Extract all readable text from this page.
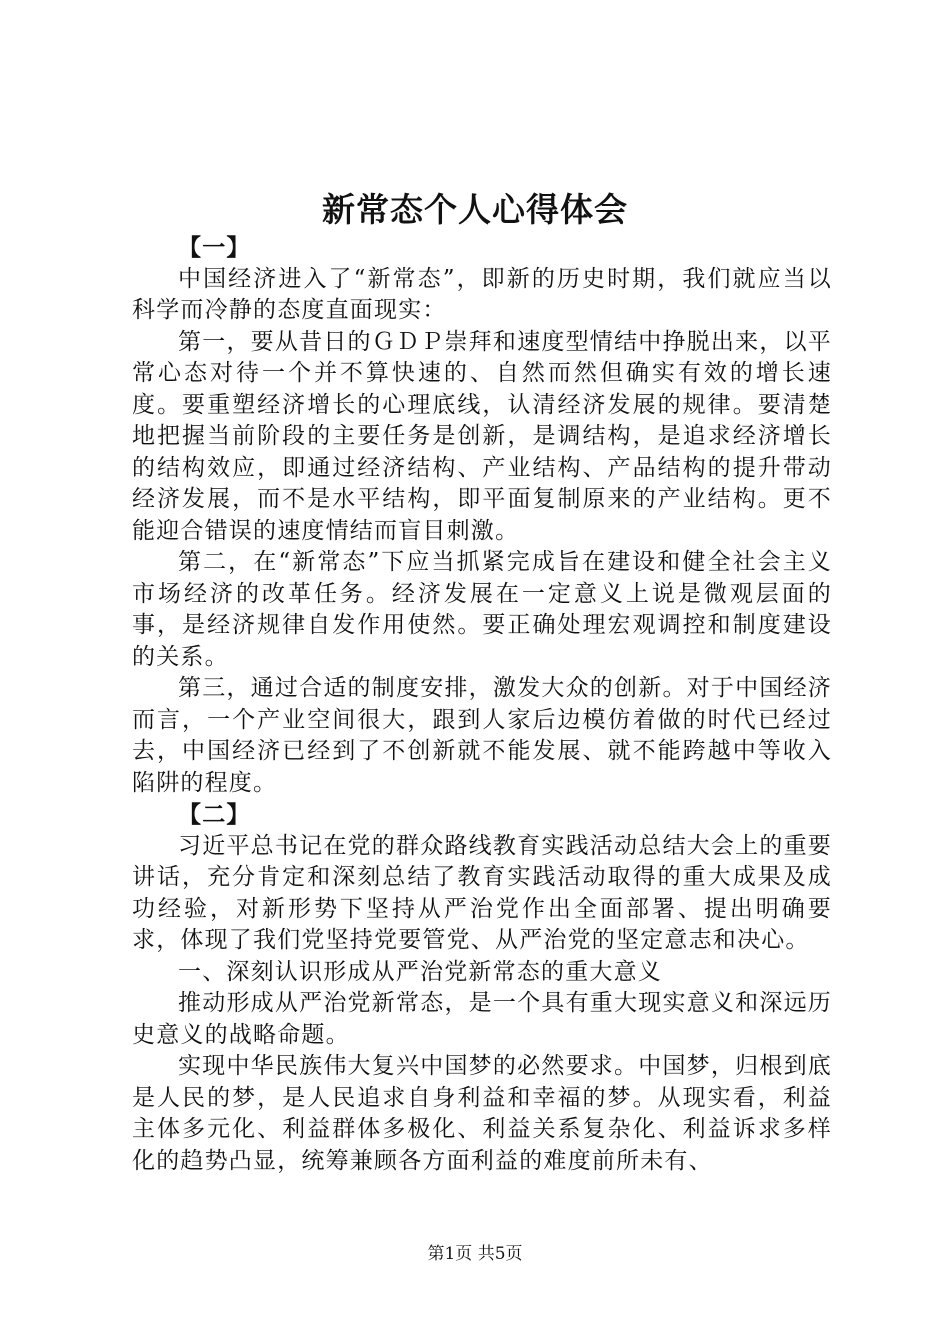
新常态个人心得体会

【一】

中国经济进入了“新常态”，即新的历史时期，我们就应当以科学而冷静的态度直面现实：

第一，要从昔日的ＧＤＰ崇拜和速度型情结中挣脱出来，以平常心态对待一个并不算快速的、自然而然但确实有效的增长速度。要重塑经济增长的心理底线，认清经济发展的规律。要清楚地把握当前阶段的主要任务是创新，是调结构，是追求经济增长的结构效应，即通过经济结构、产业结构、产品结构的提升带动经济发展，而不是水平结构，即平面复制原来的产业结构。更不能迎合错误的速度情结而盲目刺激。

第二，在“新常态”下应当抓紧完成旨在建设和健全社会主义市场经济的改革任务。经济发展在一定意义上说是微观层面的事，是经济规律自发作用使然。要正确处理宏观调控和制度建设的关系。

第三，通过合适的制度安排，激发大众的创新。对于中国经济而言，一个产业空间很大，跟到人家后边模仿着做的时代已经过去，中国经济已经到了不创新就不能发展、就不能跨越中等收入陷阱的程度。

【二】

习近平总书记在党的群众路线教育实践活动总结大会上的重要讲话，充分肯定和深刻总结了教育实践活动取得的重大成果及成功经验，对新形势下坚持从严治党作出全面部署、提出明确要求，体现了我们党坚持党要管党、从严治党的坚定意志和决心。

一、深刻认识形成从严治党新常态的重大意义

推动形成从严治党新常态，是一个具有重大现实意义和深远历史意义的战略命题。

实现中华民族伟大复兴中国梦的必然要求。中国梦，归根到底是人民的梦，是人民追求自身利益和幸福的梦。从现实看，利益主体多元化、利益群体多极化、利益关系复杂化、利益诉求多样化的趋势凸显，统筹兼顾各方面利益的难度前所未有、

第1页 共5页
